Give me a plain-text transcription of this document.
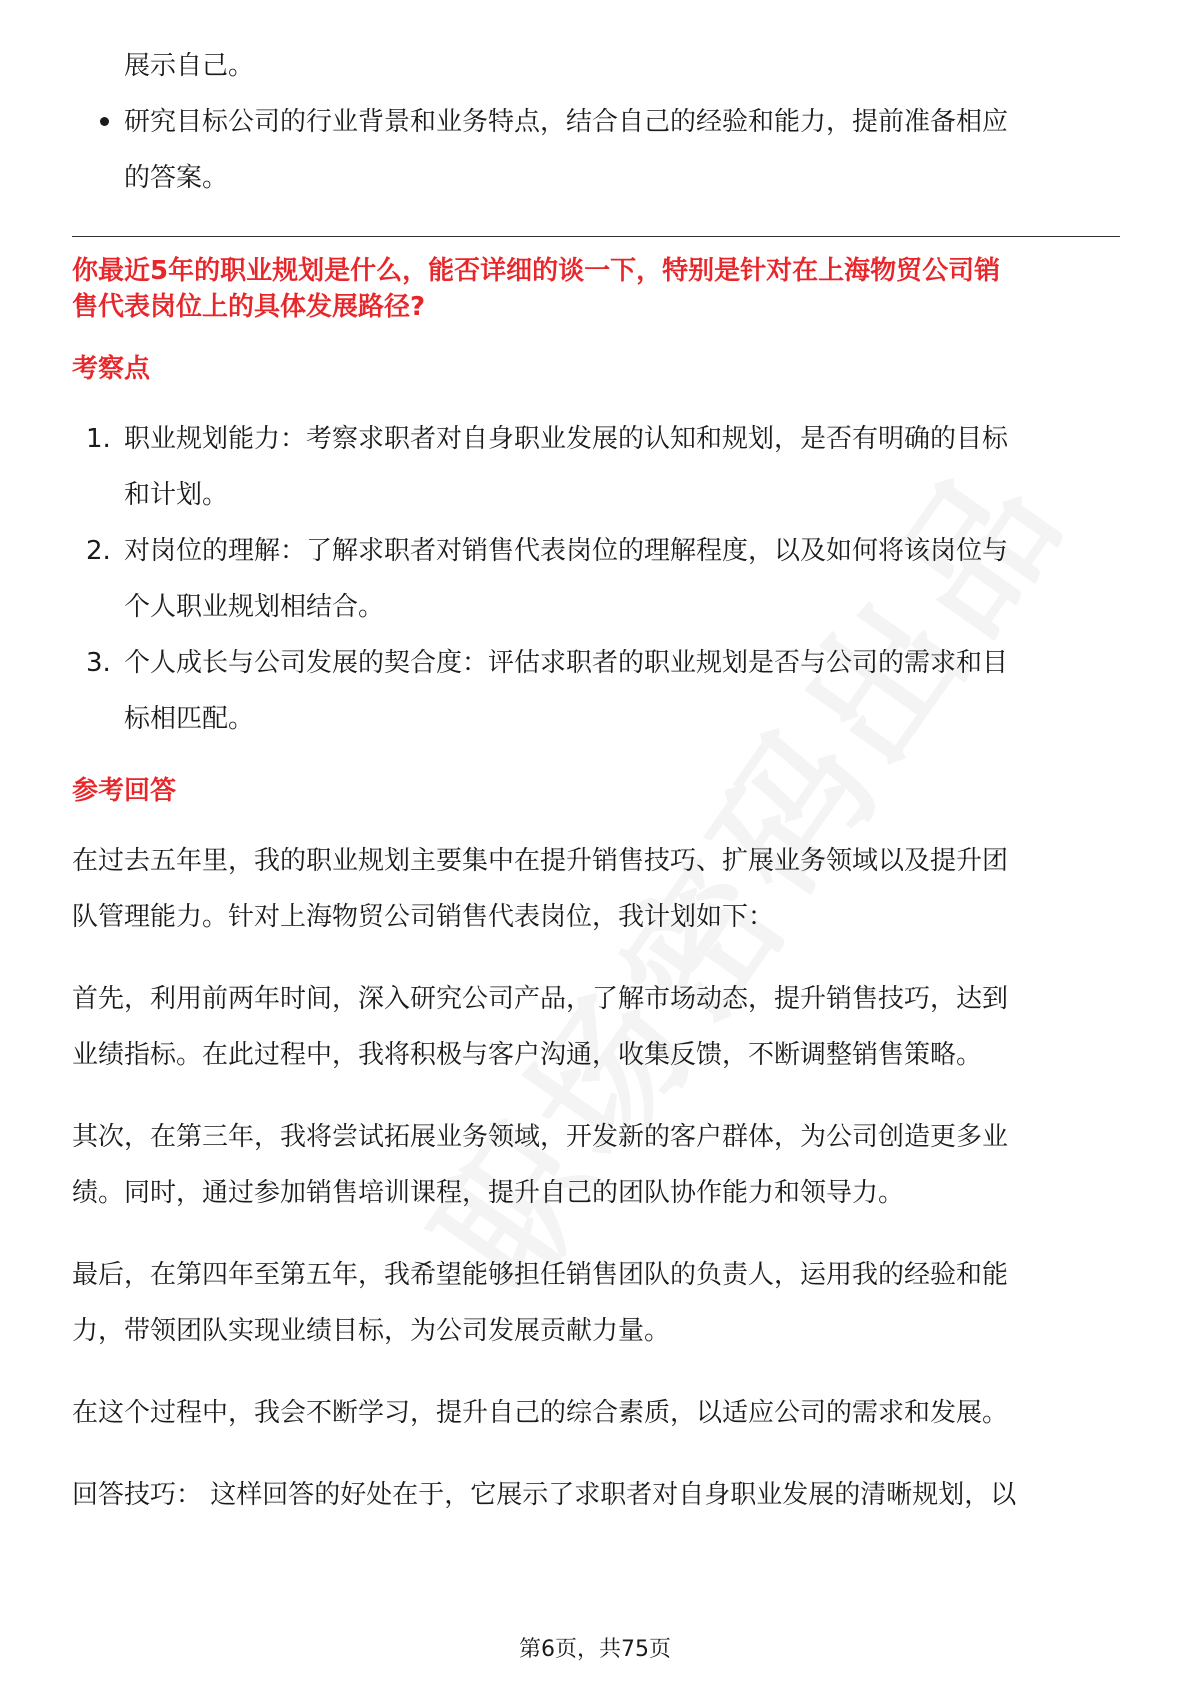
展示自己。

研究目标公司的行业背景和业务特点，结合自己的经验和能力，提前准备相应

的答案。

你最近5年的职业规划是什么，能否详细的谈一下，特别是针对在上海物贸公司销

售代表岗位上的具体发展路径?

考察点

1. 职业规划能力：考察求职者对自身职业发展的认知和规划，是否有明确的目标

和计划。

2. 对岗位的理解：了解求职者对销售代表岗位的理解程度，以及如何将该岗位与

个人职业规划相结合。

3. 个人成长与公司发展的契合度：评估求职者的职业规划是否与公司的需求和目

标相匹配。

参考回答

在过去五年里，我的职业规划主要集中在提升销售技巧、扩展业务领域以及提升团

队管理能力。针对上海物贸公司销售代表岗位，我计划如下：

首先，利用前两年时间，深入研究公司产品，了解市场动态，提升销售技巧，达到

业绩指标。在此过程中，我将积极与客户沟通，收集反馈，不断调整销售策略。

其次，在第三年，我将尝试拓展业务领域，开发新的客户群体，为公司创造更多业

绩。同时，通过参加销售培训课程，提升自己的团队协作能力和领导力。

最后，在第四年至第五年，我希望能够担任销售团队的负责人，运用我的经验和能

力，带领团队实现业绩目标，为公司发展贡献力量。

在这个过程中，我会不断学习，提升自己的综合素质，以适应公司的需求和发展。

回答技巧： 这样回答的好处在于，它展示了求职者对自身职业发展的清晰规划，以

第6页，共75页
